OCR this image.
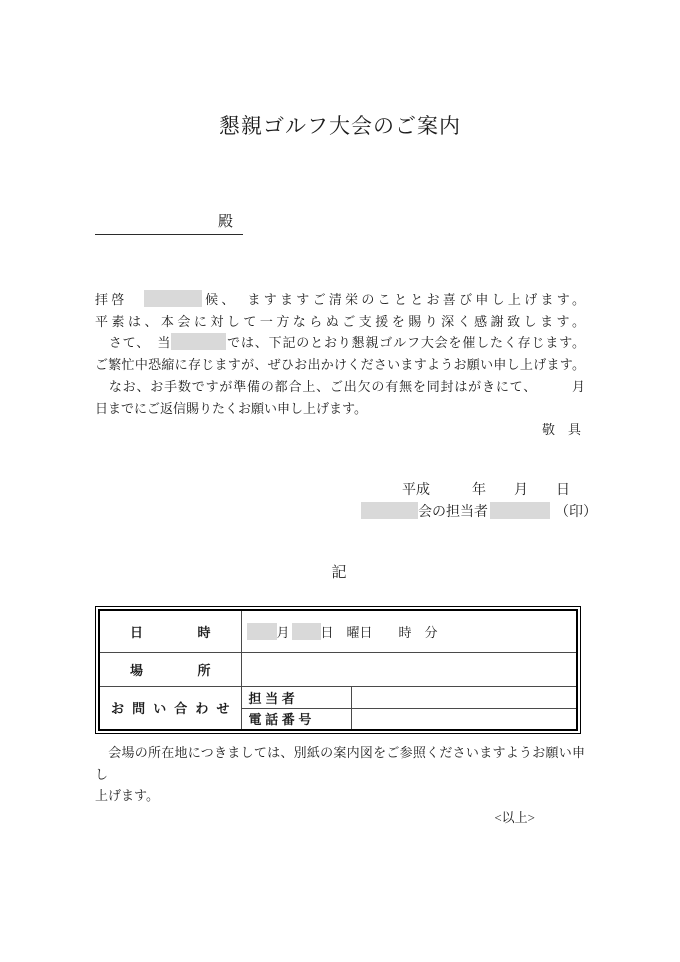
懇親ゴルフ大会のご案内
殿
拝啓　	候、　ますますご清栄のこととお喜び申し上げます。
平素は、本会に対して一方ならぬご支援を賜り深く感謝致します。
　さて、　当	では、下記のとおり懇親ゴルフ大会を催したく存じます。
ご繁忙中恐縮に存じますが、ぜひお出かけくださいますようお願い申し上げます。
　なお、お手数ですが準備の都合上、ご出欠の有無を同封はがきにて、　　　月
日までにご返信賜りたくお願い申し上げます。
敬　具
平成　　　年　　月　　日
会の担当者	（印）
記
日　時	月 日　曜日　　時　分	
場　所		
お 問 い 合 わ せ	担 当 者	
	電 話 番 号	
　会場の所在地につきましては、別紙の案内図をご参照くださいますようお願い申し
上げます。
<以上>
